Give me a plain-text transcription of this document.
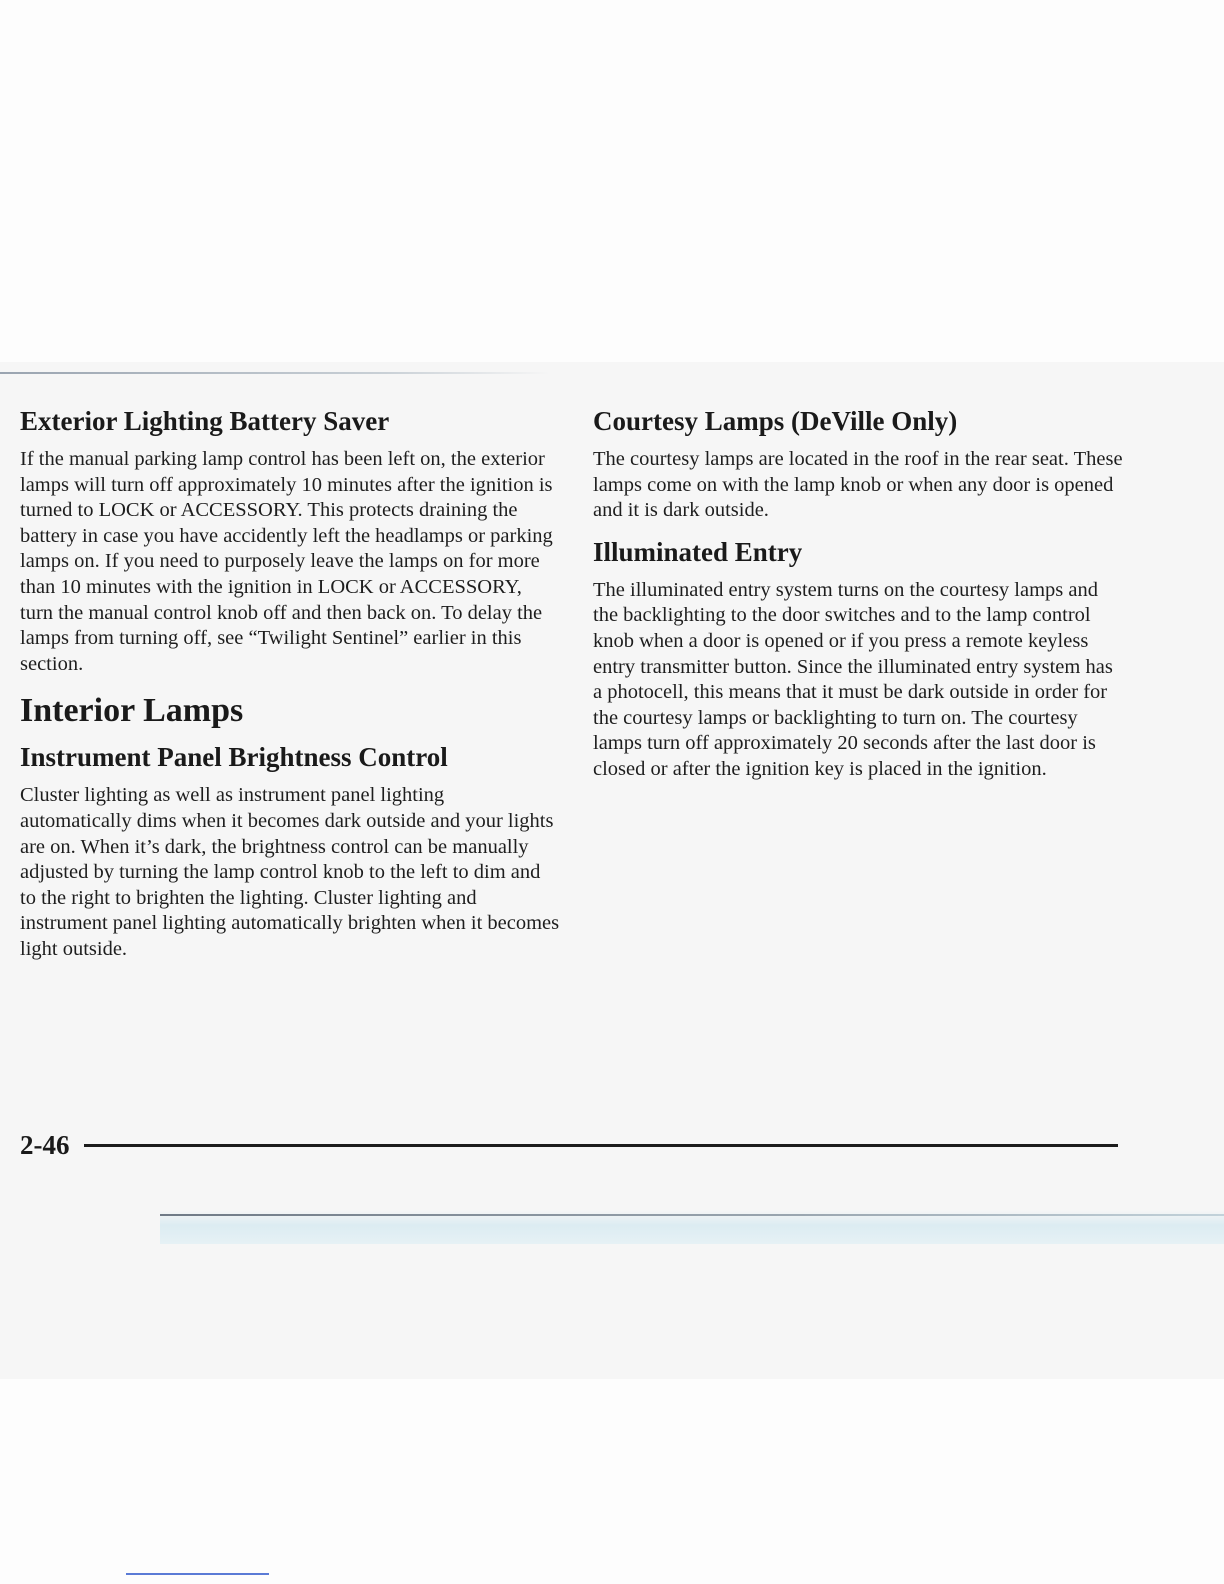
Exterior Lighting Battery Saver

If the manual parking lamp control has been left on, the exterior lamps will turn off approximately 10 minutes after the ignition is turned to LOCK or ACCESSORY. This protects draining the battery in case you have accidently left the headlamps or parking lamps on. If you need to purposely leave the lamps on for more than 10 minutes with the ignition in LOCK or ACCESSORY, turn the manual control knob off and then back on. To delay the lamps from turning off, see “Twilight Sentinel” earlier in this section.

Interior Lamps
Instrument Panel Brightness Control

Cluster lighting as well as instrument panel lighting automatically dims when it becomes dark outside and your lights are on. When it’s dark, the brightness control can be manually adjusted by turning the lamp control knob to the left to dim and to the right to brighten the lighting. Cluster lighting and instrument panel lighting automatically brighten when it becomes light outside.

Courtesy Lamps (DeVille Only)

The courtesy lamps are located in the roof in the rear seat. These lamps come on with the lamp knob or when any door is opened and it is dark outside.

Illuminated Entry

The illuminated entry system turns on the courtesy lamps and the backlighting to the door switches and to the lamp control knob when a door is opened or if you press a remote keyless entry transmitter button. Since the illuminated entry system has a photocell, this means that it must be dark outside in order for the courtesy lamps or backlighting to turn on. The courtesy lamps turn off approximately 20 seconds after the last door is closed or after the ignition key is placed in the ignition.

2-46
